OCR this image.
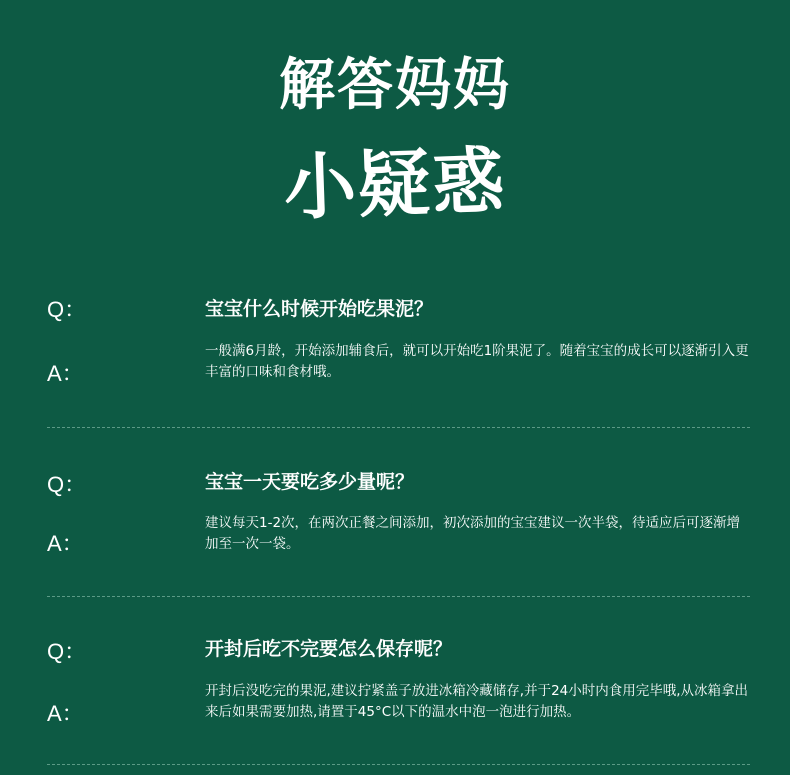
解答妈妈
小疑惑
Q：	宝宝什么时候开始吃果泥？
A：
一般满6月龄，开始添加辅食后，就可以开始吃1阶果泥了。随着宝宝的成长可以逐渐引入更丰富的口味和食材哦。
Q：	宝宝一天要吃多少量呢？
A：
建议每天1-2次，在两次正餐之间添加，初次添加的宝宝建议一次半袋，待适应后可逐渐增加至一次一袋。
Q：	开封后吃不完要怎么保存呢？
A：
开封后没吃完的果泥,建议拧紧盖子放进冰箱冷藏储存,并于24小时内食用完毕哦,从冰箱拿出来后如果需要加热,请置于45°C以下的温水中泡一泡进行加热。
